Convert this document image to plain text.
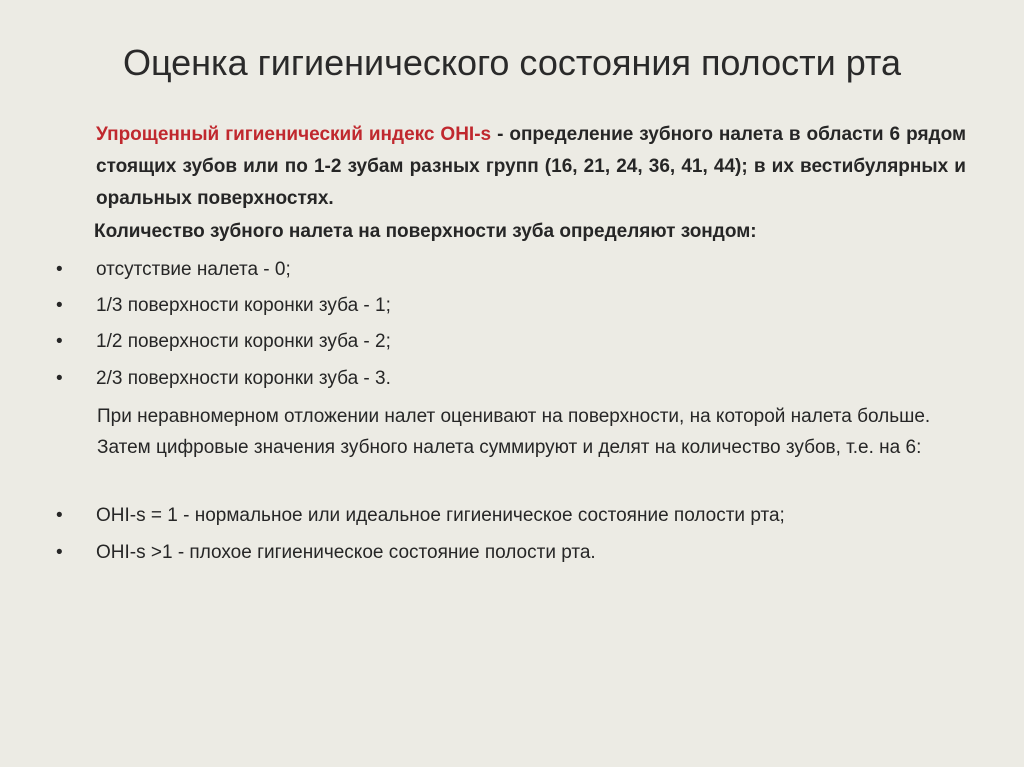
Оценка гигиенического состояния полости рта
Упрощенный гигиенический индекс OHI-s - определение зубного налета в области 6 рядом стоящих зубов или по 1-2 зубам разных групп (16, 21, 24, 36, 41, 44); в их вестибулярных и оральных поверхностях.
Количество зубного налета на поверхности зуба определяют зондом:
• отсутствие налета - 0;
• 1/3 поверхности коронки зуба - 1;
• 1/2 поверхности коронки зуба - 2;
• 2/3 поверхности коронки зуба - 3.
При неравномерном отложении налет оценивают на поверхности, на которой налета больше. Затем цифровые значения зубного налета суммируют и делят на количество зубов, т.е. на 6:
• OHI-s = 1 - нормальное или идеальное гигиеническое состояние полости рта;
• OHI-s >1 - плохое гигиеническое состояние полости рта.
